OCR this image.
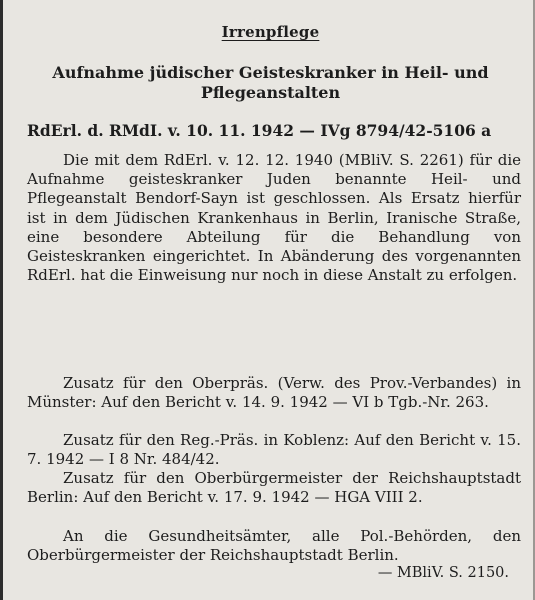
Irrenpflege
Aufnahme jüdischer Geisteskranker in Heil- und Pflegeanstalten
RdErl. d. RMdI. v. 10. 11. 1942 — IVg 8794/42-5106 a
Die mit dem RdErl. v. 12. 12. 1940 (MBliV. S. 2261) für die Aufnahme geisteskranker Juden benannte Heil- und Pflegeanstalt Bendorf-Sayn ist geschlossen. Als Ersatz hierfür ist in dem Jüdischen Krankenhaus in Berlin, Iranische Straße, eine besondere Abteilung für die Behandlung von Geisteskranken eingerichtet. In Abänderung des vorgenannten RdErl. hat die Einweisung nur noch in diese Anstalt zu erfolgen.
Zusatz für den Oberpräs. (Verw. des Prov.-Verbandes) in Münster: Auf den Bericht v. 14. 9. 1942 — VI b Tgb.-Nr. 263.
Zusatz für den Reg.-Präs. in Koblenz: Auf den Bericht v. 15. 7. 1942 — I 8 Nr. 484/42.
Zusatz für den Oberbürgermeister der Reichshauptstadt Berlin: Auf den Bericht v. 17. 9. 1942 — HGA VIII 2.
An die Gesundheitsämter, alle Pol.-Behörden, den Oberbürgermeister der Reichshauptstadt Berlin.
— MBliV. S. 2150.
